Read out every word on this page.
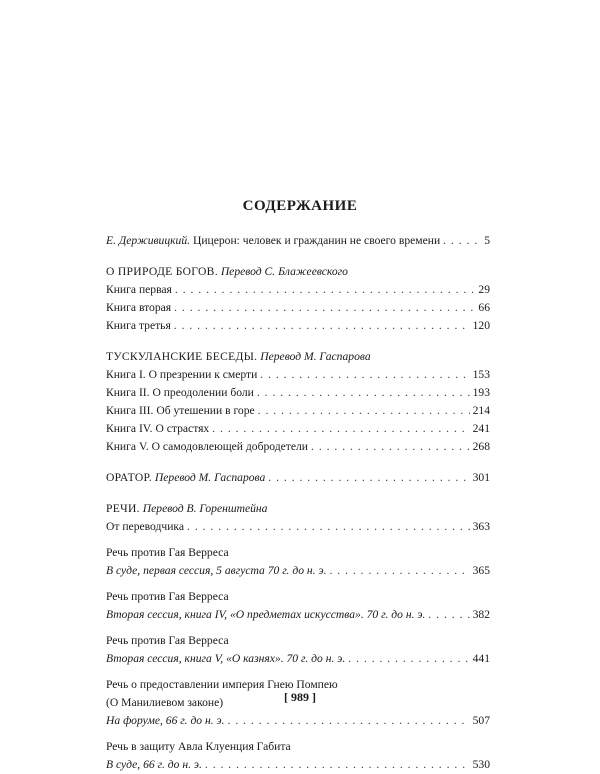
СОДЕРЖАНИЕ
Е. Держивицкий. Цицерон: человек и гражданин не своего времени . . .	5
О ПРИРОДЕ БОГОВ. Перевод С. Блажеевского
Книга первая . . .	29
Книга вторая . . .	66
Книга третья . . .	120
ТУСКУЛАНСКИЕ БЕСЕДЫ. Перевод М. Гаспарова
Книга I. О презрении к смерти . . .	153
Книга II. О преодолении боли . . .	193
Книга III. Об утешении в горе . . .	214
Книга IV. О страстях . . .	241
Книга V. О самодовлеющей добродетели . . .	268
ОРАТОР. Перевод М. Гаспарова . . .	301
РЕЧИ. Перевод В. Горенштейна
От переводчика . . .	363
Речь против Гая Верреса
В суде, первая сессия, 5 августа 70 г. до н. э. . . .	365
Речь против Гая Верреса
Вторая сессия, книга IV, «О предметах искусства». 70 г. до н. э. . . .	382
Речь против Гая Верреса
Вторая сессия, книга V, «О казнях». 70 г. до н. э. . . .	441
Речь о предоставлении империя Гнею Помпею
(О Манилиевом законе)
На форуме, 66 г. до н. э. . . .	507
Речь в защиту Авла Клуенция Габита
В суде, 66 г. до н. э. . . .	530
[ 989 ]
